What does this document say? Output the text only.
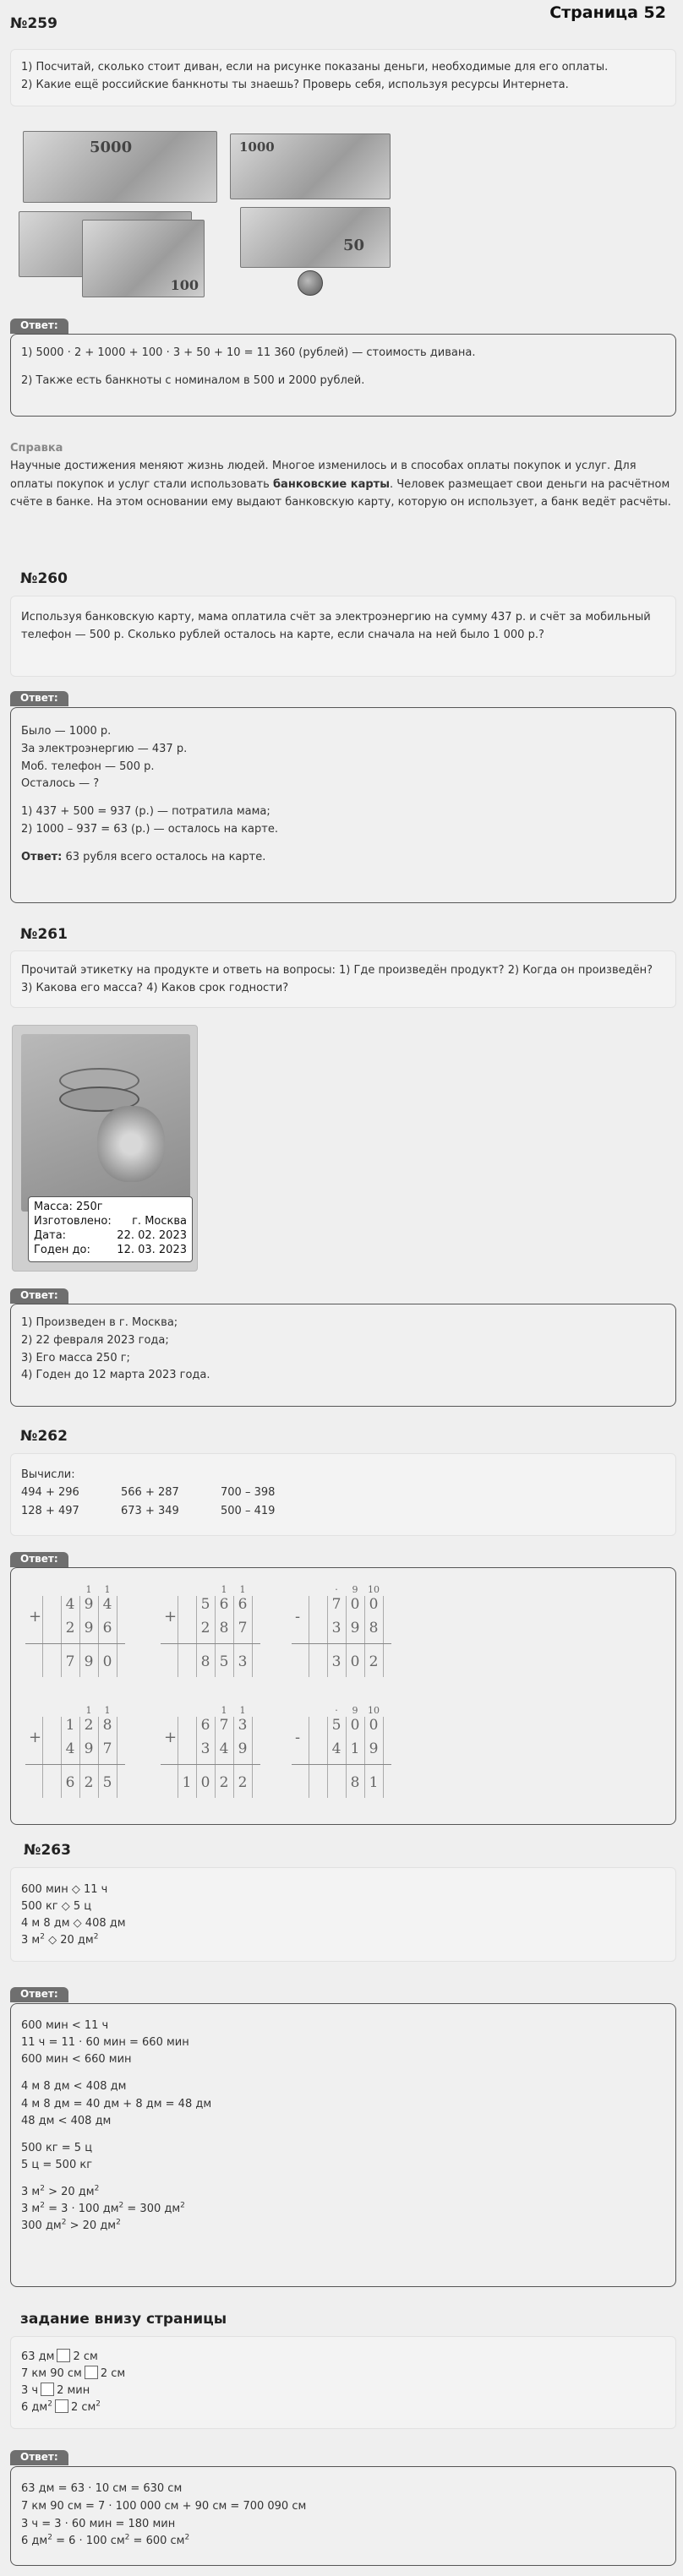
Страница 52
№259
1) Посчитай, сколько стоит диван, если на рисунке показаны деньги, необходимые для его оплаты.
2) Какие ещё российские банкноты ты знаешь? Проверь себя, используя ресурсы Интернета.
5000	1000
100
50
Ответ:
1) 5000 · 2 + 1000 + 100 · 3 + 50 + 10 = 11 360 (рублей) — стоимость дивана.
2) Также есть банкноты с номиналом в 500 и 2000 рублей.
Справка
Научные достижения меняют жизнь людей. Многое изменилось и в способах оплаты покупок и услуг. Для оплаты покупок и услуг стали использовать банковские карты. Человек размещает свои деньги на расчётном счёте в банке. На этом основании ему выдают банковскую карту, которую он использует, а банк ведёт расчёты.
№260
Используя банковскую карту, мама оплатила счёт за электроэнергию на сумму 437 р. и счёт за мобильный телефон — 500 р. Сколько рублей осталось на карте, если сначала на ней было 1 000 р.?
Ответ:
Было — 1000 р.
За электроэнергию — 437 р.
Моб. телефон — 500 р.
Осталось — ?
1) 437 + 500 = 937 (р.) — потратила мама;
2) 1000 – 937 = 63 (р.) — осталось на карте.
Ответ: 63 рубля всего осталось на карте.
№261
Прочитай этикетку на продукте и ответь на вопросы: 1) Где произведён продукт? 2) Когда он произведён? 3) Какова его масса? 4) Каков срок годности?
Масса: 250г
Изготовлено: г. Москва
Дата:	22. 02. 2023
Годен до: 12. 03. 2023
Ответ:
1) Произведен в г. Москва;
2) 22 февраля 2023 года;
3) Его масса 250 г;
4) Годен до 12 марта 2023 года.
№262
Вычисли:
494 + 296	566 + 287	700 – 398
128 + 497	673 + 349	500 – 419
Ответ:
1	1
4 9 4
2 9 6
7 9 0
+
1	1
5 6 6
2 8 7
8 5 3
+
·	9	10
7 0 0
3 9 8
3 0 2
-
1	1
1 2 8
4 9 7
6 2 5
+
1	1
6 7 3
3 4 9
1 0 2 2
+
·	9	10
5 0 0
4 1 9
8 1
-
№263
600 мин ◇ 11 ч
500 кг ◇ 5 ц
4 м 8 дм ◇ 408 дм
3 $м^2$ ◇ 20 $дм^2$
Ответ:
600 мин < 11 ч
11 ч = 11 · 60 мин = 660 мин
600 мин < 660 мин
4 м 8 дм < 408 дм
4 м 8 дм = 40 дм + 8 дм = 48 дм
48 дм < 408 дм
500 кг = 5 ц
5 ц = 500 кг
3 $м^2 > 20$ $дм^2$
3 $м^2 = 3 \cdot 100$ $дм^2 = 300$ $дм^2$
300 $дм^2 > 20$ $дм^2$
задание внизу страницы
63 дм 2 см
7 км 90 см 2 см
3 ч 2 мин
6 $дм^2$ 2 $см^2$
Ответ:
63 дм = 63 · 10 см = 630 см
7 км 90 см = 7 · 100 000 см + 90 см = 700 090 см
3 ч = 3 · 60 мин = 180 мин
6 $дм^2 = 6 \cdot 100$ $см^2 = 600$ $см^2$
